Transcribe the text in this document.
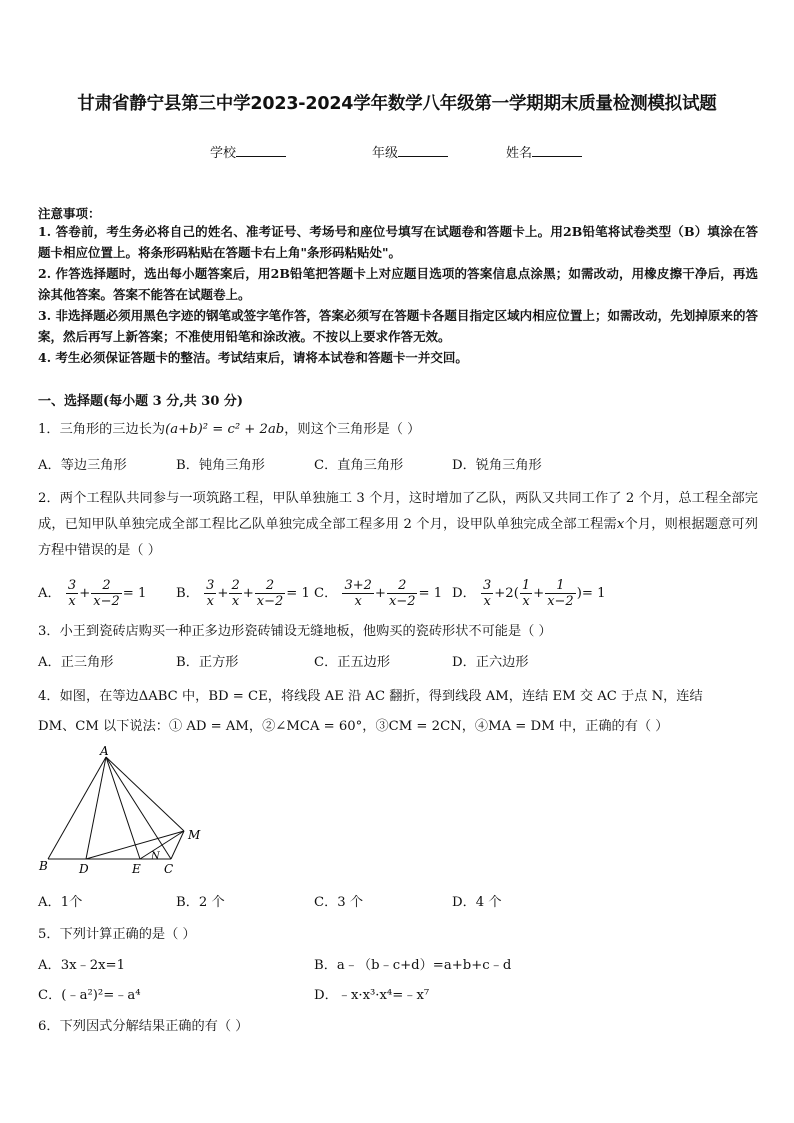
甘肃省静宁县第三中学2023-2024学年数学八年级第一学期期末质量检测模拟试题
学校	年级	姓名
注意事项：
1. 答卷前，考生务必将自己的姓名、准考证号、考场号和座位号填写在试题卷和答题卡上。用2B铅笔将试卷类型（B）填涂在答题卡相应位置上。将条形码粘贴在答题卡右上角"条形码粘贴处"。
2. 作答选择题时，选出每小题答案后，用2B铅笔把答题卡上对应题目选项的答案信息点涂黑；如需改动，用橡皮擦干净后，再选涂其他答案。答案不能答在试题卷上。
3. 非选择题必须用黑色字迹的钢笔或签字笔作答，答案必须写在答题卡各题目指定区域内相应位置上；如需改动，先划掉原来的答案，然后再写上新答案；不准使用铅笔和涂改液。不按以上要求作答无效。
4. 考生必须保证答题卡的整洁。考试结束后，请将本试卷和答题卡一并交回。
一、选择题(每小题 3 分,共 30 分)
1．三角形的三边长为(a+b)² = c² + 2ab，则这个三角形是（ ）
A．等边三角形	B．钝角三角形	C．直角三角形	D．锐角三角形
2．两个工程队共同参与一项筑路工程，甲队单独施工 3 个月，这时增加了乙队，两队又共同工作了 2 个月，总工程全部完成，已知甲队单独完成全部工程比乙队单独完成全部工程多用 2 个月，设甲队单独完成全部工程需x个月，则根据题意可列方程中错误的是（ ）
A． $\frac{3}{x} + \frac{2}{x-2} = 1$ B． $\frac{3}{x} + \frac{2}{x} + \frac{2}{x-2} = 1$ C． $\frac{3+2}{x} + \frac{2}{x-2} = 1$ D． $\frac{3}{x} +2( \frac{1}{x} + \frac{1}{x-2}$ )= 1
3．小王到瓷砖店购买一种正多边形瓷砖铺设无缝地板，他购买的瓷砖形状不可能是（ ）
A．正三角形	B．正方形	C．正五边形	D．正六边形
4．如图，在等边ΔABC 中，BD = CE，将线段 AE 沿 AC 翻折，得到线段 AM，连结 EM 交 AC 于点 N，连结
DM、CM 以下说法：① AD = AM，②∠MCA = 60°，③CM = 2CN，④MA = DM 中，正确的有（ ）
A
B	C
D	E
M
N
A．1个	B．2 个	C．3 个	D．4 个
5．下列计算正确的是（ ）
A．3x﹣2x=1	B．a﹣（b﹣c+d）=a+b+c﹣d
C．(﹣a²)²=﹣a⁴	D．﹣x·x³·x⁴=﹣x⁷
6．下列因式分解结果正确的有（ ）
